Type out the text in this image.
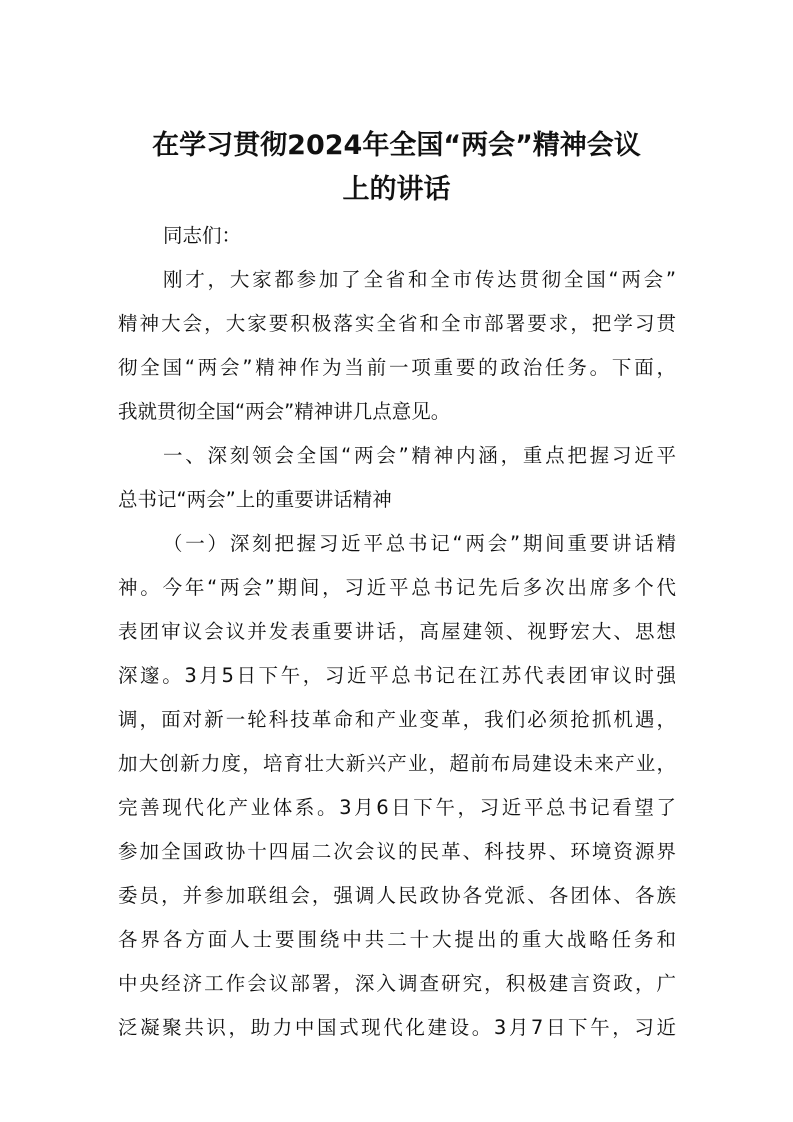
在学习贯彻2024年全国“两会”精神会议
上的讲话
同志们：
刚才，大家都参加了全省和全市传达贯彻全国“两会”
精神大会，大家要积极落实全省和全市部署要求，把学习贯
彻全国“两会”精神作为当前一项重要的政治任务。下面，
我就贯彻全国“两会”精神讲几点意见。
一、深刻领会全国“两会”精神内涵，重点把握习近平
总书记“两会”上的重要讲话精神
（一）深刻把握习近平总书记“两会”期间重要讲话精
神。今年“两会”期间，习近平总书记先后多次出席多个代
表团审议会议并发表重要讲话，高屋建领、视野宏大、思想
深邃。3月5日下午，习近平总书记在江苏代表团审议时强
调，面对新一轮科技革命和产业变革，我们必须抢抓机遇，
加大创新力度，培育壮大新兴产业，超前布局建设未来产业，
完善现代化产业体系。3月6日下午，习近平总书记看望了
参加全国政协十四届二次会议的民革、科技界、环境资源界
委员，并参加联组会，强调人民政协各党派、各团体、各族
各界各方面人士要围绕中共二十大提出的重大战略任务和
中央经济工作会议部署，深入调查研究，积极建言资政，广
泛凝聚共识，助力中国式现代化建设。3月7日下午，习近
